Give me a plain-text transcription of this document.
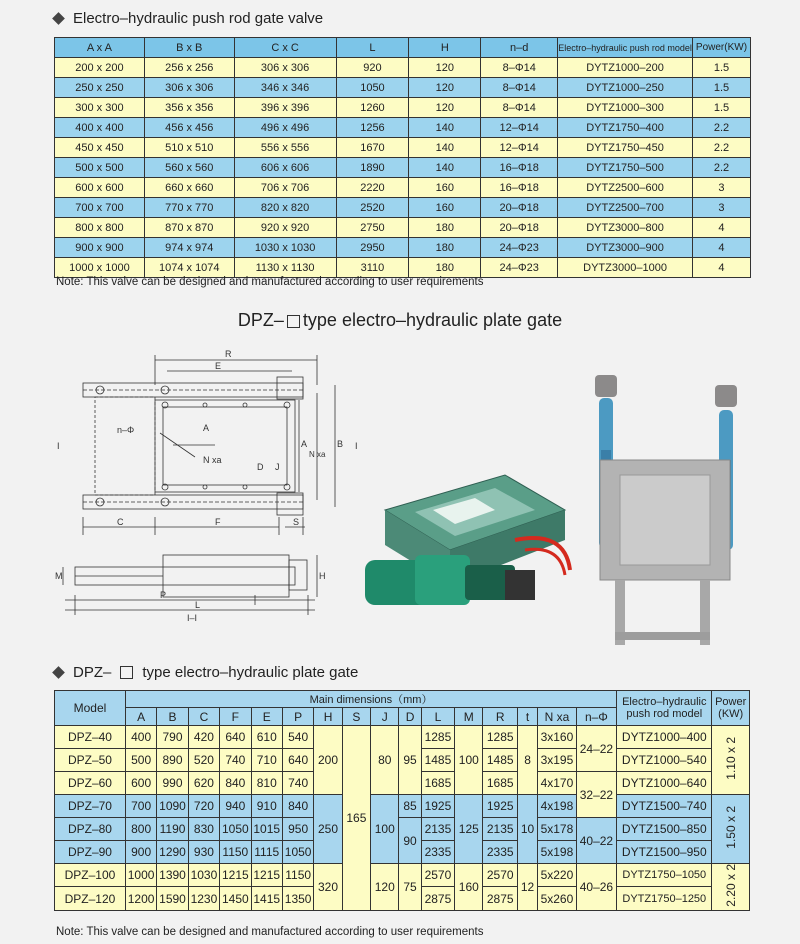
Electro–hydraulic push rod gate valve
A x A	B x B	C x C	L	H	n–d	Electro–hydraulic push rod model	Power(KW)
200 x 200	256 x 256	306 x 306	920	120	8–Φ14	DYTZ1000–200	1.5
250 x 250	306 x 306	346 x 346	1050	120	8–Φ14	DYTZ1000–250	1.5
300 x 300	356 x 356	396 x 396	1260	120	8–Φ14	DYTZ1000–300	1.5
400 x 400	456 x 456	496 x 496	1256	140	12–Φ14	DYTZ1750–400	2.2
450 x 450	510 x 510	556 x 556	1670	140	12–Φ14	DYTZ1750–450	2.2
500 x 500	560 x 560	606 x 606	1890	140	16–Φ18	DYTZ1750–500	2.2
600 x 600	660 x 660	706 x 706	2220	160	16–Φ18	DYTZ2500–600	3
700 x 700	770 x 770	820 x 820	2520	160	20–Φ18	DYTZ2500–700	3
800 x 800	870 x 870	920 x 920	2750	180	20–Φ18	DYTZ3000–800	4
900 x 900	974 x 974	1030 x 1030	2950	180	24–Φ23	DYTZ3000–900	4
1000 x 1000	1074 x 1074	1130 x 1130	3110	180	24–Φ23	DYTZ3000–1000	4
Note: This valve can be designed and manufactured according to user requirements
DPZ– type electro–hydraulic plate gate
R
E
n–Φ	A
N xa
D J
A
N xa
B
I	I
C	F	S
M	H
P
L
I–I
DPZ– type electro–hydraulic plate gate
Model	Main dimensions（mm）																Electro–hydraulic push rod model	Power (KW)
	A	B	C	F	E	P	H	S	J	D	L	M	R	t	N xa	n–Φ		
DPZ–40	400	790	420	640	610	540	200	165	80	95	1285	100	1285	8	3x160	24–22	DYTZ1000–400	1.10 x 2
DPZ–50	500	890	520	740	710	640					1485		1485		3x195		DYTZ1000–540	
DPZ–60	600	990	620	840	810	740					1685		1685		4x170	32–22	DYTZ1000–640	
DPZ–70	700	1090	720	940	910	840	250		100	85	1925	125	1925	10	4x198		DYTZ1500–740	1.50 x 2
DPZ–80	800	1190	830	1050	1015	950				90	2135		2135		5x178	40–22	DYTZ1500–850	
DPZ–90	900	1290	930	1150	1115	1050					2335		2335		5x198		DYTZ1500–950	
DPZ–100	1000	1390	1030	1215	1215	1150	320		120	75	2570	160	2570	12	5x220	40–26	DYTZ1750–1050	2.20 x 2
DPZ–120	1200	1590	1230	1450	1415	1350					2875		2875		5x260		DYTZ1750–1250	
Note: This valve can be designed and manufactured according to user requirements
